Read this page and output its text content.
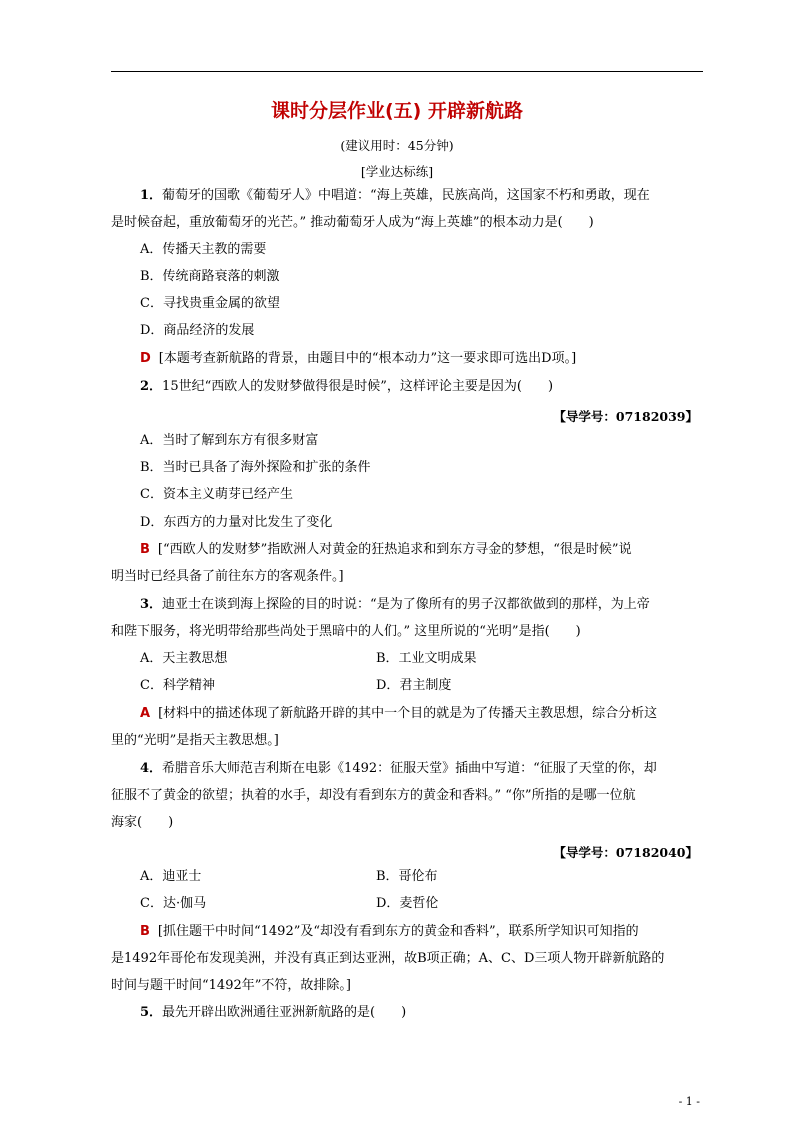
课时分层作业(五) 开辟新航路
(建议用时：45分钟)
[学业达标练]
1．葡萄牙的国歌《葡萄牙人》中唱道：“海上英雄，民族高尚，这国家不朽和勇敢，现在
是时候奋起，重放葡萄牙的光芒。” 推动葡萄牙人成为“海上英雄”的根本动力是(　　)
A．传播天主教的需要
B．传统商路衰落的刺激
C．寻找贵重金属的欲望
D．商品经济的发展
D [本题考查新航路的背景，由题目中的“根本动力”这一要求即可选出D项。]
2．15世纪“西欧人的发财梦做得很是时候”，这样评论主要是因为(　　)
【导学号：07182039】
A．当时了解到东方有很多财富
B．当时已具备了海外探险和扩张的条件
C．资本主义萌芽已经产生
D．东西方的力量对比发生了变化
B [“西欧人的发财梦”指欧洲人对黄金的狂热追求和到东方寻金的梦想，“很是时候”说
明当时已经具备了前往东方的客观条件。]
3．迪亚士在谈到海上探险的目的时说：“是为了像所有的男子汉都欲做到的那样，为上帝
和陛下服务，将光明带给那些尚处于黑暗中的人们。” 这里所说的“光明”是指(　　)
A．天主教思想	B．工业文明成果
C．科学精神	D．君主制度
A [材料中的描述体现了新航路开辟的其中一个目的就是为了传播天主教思想，综合分析这
里的“光明”是指天主教思想。]
4．希腊音乐大师范吉利斯在电影《1492：征服天堂》插曲中写道：“征服了天堂的你，却
征服不了黄金的欲望；执着的水手，却没有看到东方的黄金和香料。” “你”所指的是哪一位航
海家(　　)
【导学号：07182040】
A．迪亚士	B．哥伦布
C．达·伽马	D．麦哲伦
B [抓住题干中时间“1492”及“却没有看到东方的黄金和香料”，联系所学知识可知指的
是1492年哥伦布发现美洲，并没有真正到达亚洲，故B项正确；A、C、D三项人物开辟新航路的
时间与题干时间“1492年”不符，故排除。]
5．最先开辟出欧洲通往亚洲新航路的是(　　)
- 1 -
